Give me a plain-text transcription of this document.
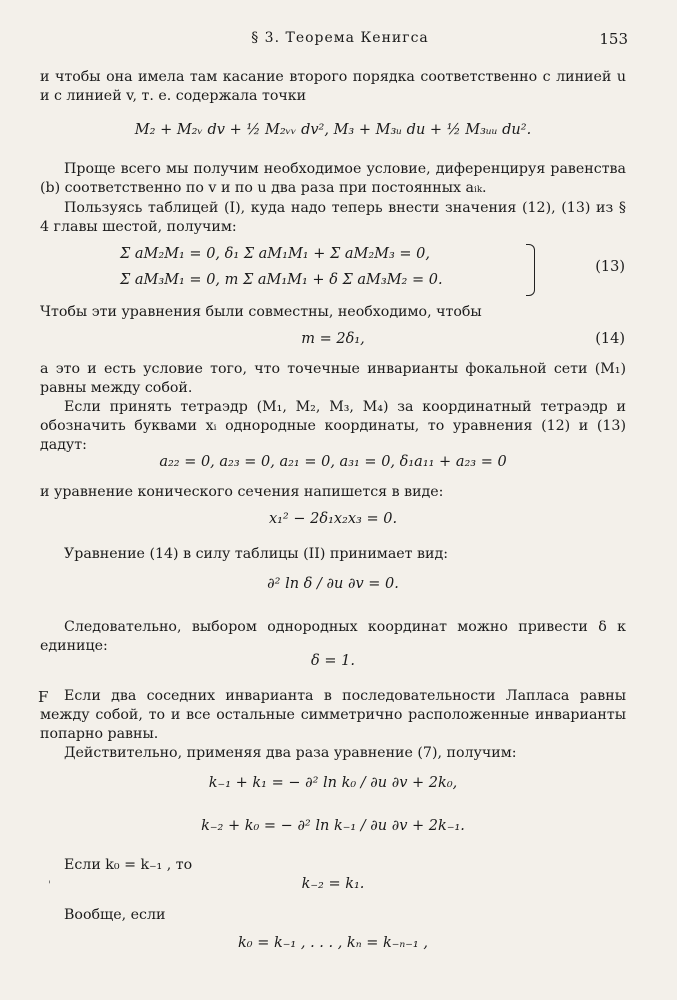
§ 3. Теорема Кенигса	153
и чтобы она имела там касание второго порядка соответственно с линией u и с линией v, т. е. содержала точки
M₂ + M₂ᵥ dv + ½ M₂ᵥᵥ dv², M₃ + M₃ᵤ du + ½ M₃ᵤᵤ du².
Проще всего мы получим необходимое условие, диференцируя равенства (b) соответственно по v и по u два раза при постоянных aᵢₖ.
Пользуясь таблицей (I), куда надо теперь внести значения (12), (13) из § 4 главы шестой, получим:
Σ aM₂M₁ = 0, δ₁ Σ aM₁M₁ + Σ aM₂M₃ = 0,
Σ aM₃M₁ = 0, m Σ aM₁M₁ + δ Σ aM₃M₂ = 0.
(13)
Чтобы эти уравнения были совместны, необходимо, чтобы
m = 2δ₁,	(14)
а это и есть условие того, что точечные инварианты фокальной сети (M₁) равны между собой.
Если принять тетраэдр (M₁, M₂, M₃, M₄) за координатный тетраэдр и обозначить буквами xᵢ однородные координаты, то уравнения (12) и (13) дадут:
a₂₂ = 0, a₂₃ = 0, a₂₁ = 0, a₃₁ = 0, δ₁a₁₁ + a₂₃ = 0
и уравнение конического сечения напишется в виде:
x₁² − 2δ₁x₂x₃ = 0.
Уравнение (14) в силу таблицы (II) принимает вид:
∂² ln δ / ∂u ∂v = 0.
Следовательно, выбором однородных координат можно привести δ к единице:
δ = 1.
F	Если два соседних инварианта в последовательности Лапласа равны между собой, то и все остальные симметрично расположенные инварианты попарно равны.
Действительно, применяя два раза уравнение (7), получим:
k₋₁ + k₁ = − ∂² ln k₀ / ∂u ∂v + 2k₀,
k₋₂ + k₀ = − ∂² ln k₋₁ / ∂u ∂v + 2k₋₁.
Если k₀ = k₋₁ , то
'	k₋₂ = k₁.
Вообще, если
k₀ = k₋₁ , . . . , kₙ = k₋ₙ₋₁ ,
